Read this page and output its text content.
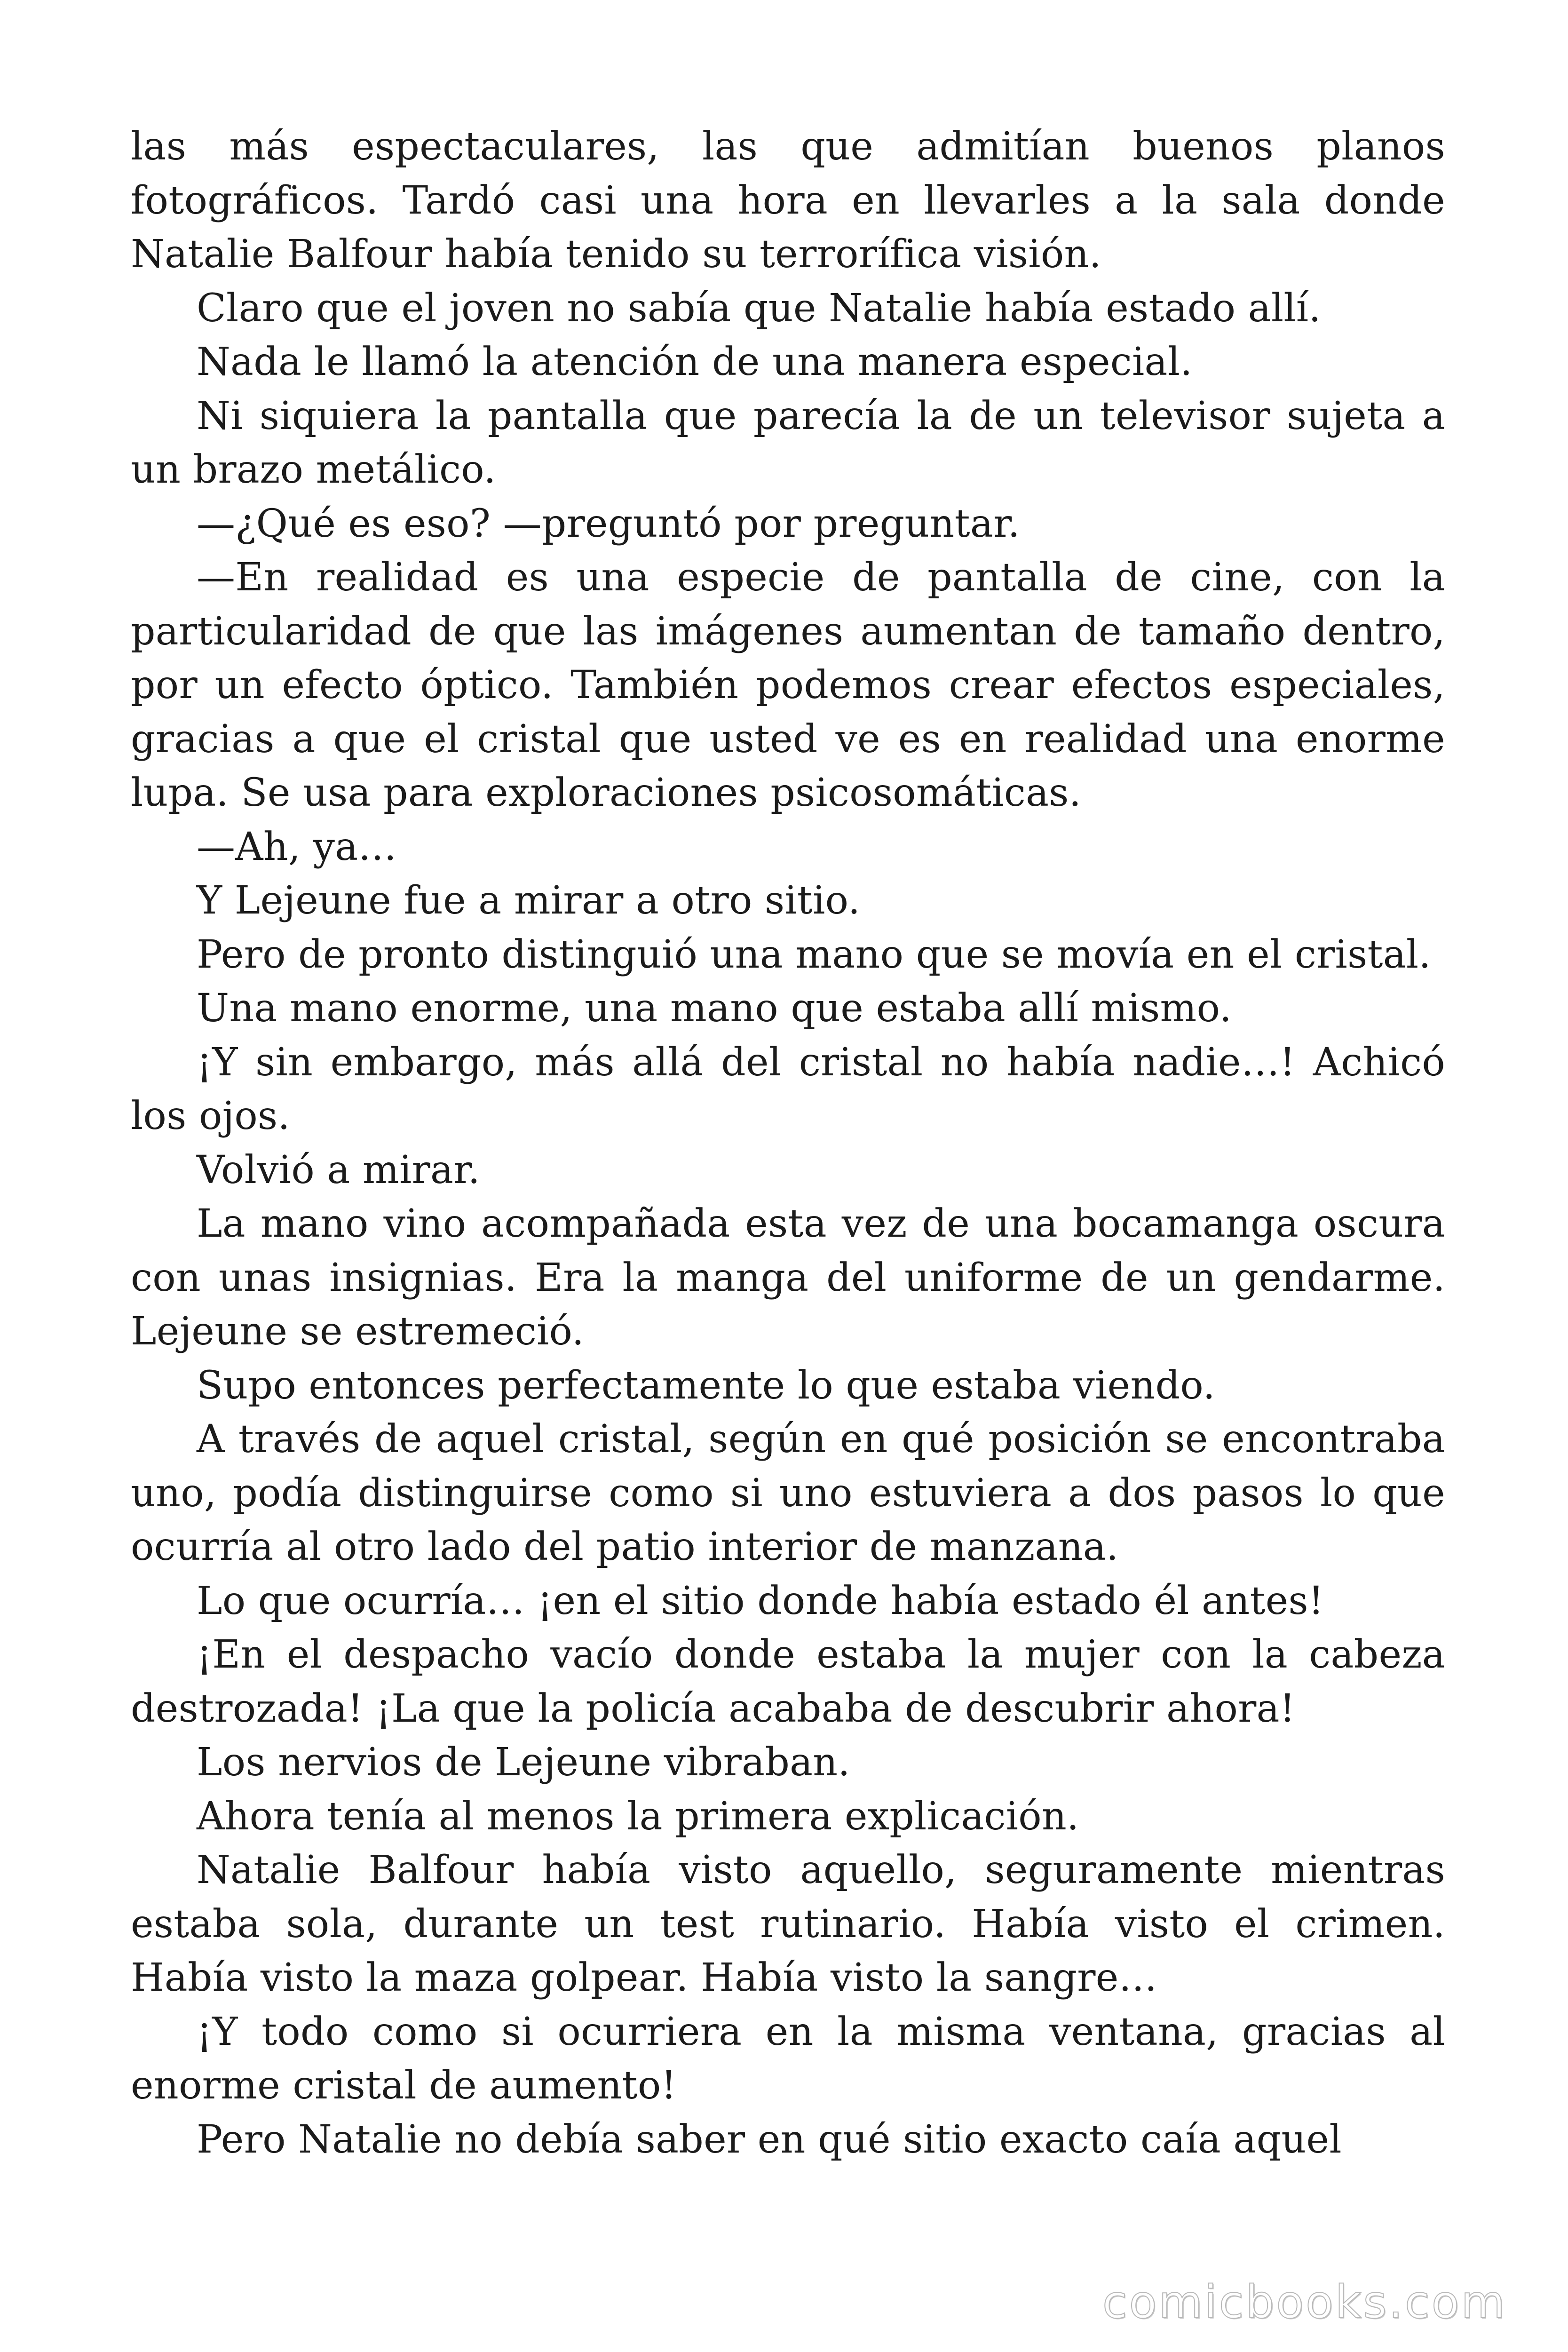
las más espectaculares, las que admitían buenos planos fotográficos. Tardó casi una hora en llevarles a la sala donde Natalie Balfour había tenido su terrorífica visión.

Claro que el joven no sabía que Natalie había estado allí.

Nada le llamó la atención de una manera especial.

Ni siquiera la pantalla que parecía la de un televisor sujeta a un brazo metálico.

—¿Qué es eso? —preguntó por preguntar.

—En realidad es una especie de pantalla de cine, con la particularidad de que las imágenes aumentan de tamaño dentro, por un efecto óptico. También podemos crear efectos especiales, gracias a que el cristal que usted ve es en realidad una enorme lupa. Se usa para exploraciones psicosomáticas.

—Ah, ya…

Y Lejeune fue a mirar a otro sitio.

Pero de pronto distinguió una mano que se movía en el cristal.

Una mano enorme, una mano que estaba allí mismo.

¡Y sin embargo, más allá del cristal no había nadie…! Achicó los ojos.

Volvió a mirar.

La mano vino acompañada esta vez de una bocamanga oscura con unas insignias. Era la manga del uniforme de un gendarme. Lejeune se estremeció.

Supo entonces perfectamente lo que estaba viendo.

A través de aquel cristal, según en qué posición se encontraba uno, podía distinguirse como si uno estuviera a dos pasos lo que ocurría al otro lado del patio interior de manzana.

Lo que ocurría… ¡en el sitio donde había estado él antes!

¡En el despacho vacío donde estaba la mujer con la cabeza destrozada! ¡La que la policía acababa de descubrir ahora!

Los nervios de Lejeune vibraban.

Ahora tenía al menos la primera explicación.

Natalie Balfour había visto aquello, seguramente mientras estaba sola, durante un test rutinario. Había visto el crimen. Había visto la maza golpear. Había visto la sangre…

¡Y todo como si ocurriera en la misma ventana, gracias al enorme cristal de aumento!

Pero Natalie no debía saber en qué sitio exacto caía aquel

comicbooks.com
